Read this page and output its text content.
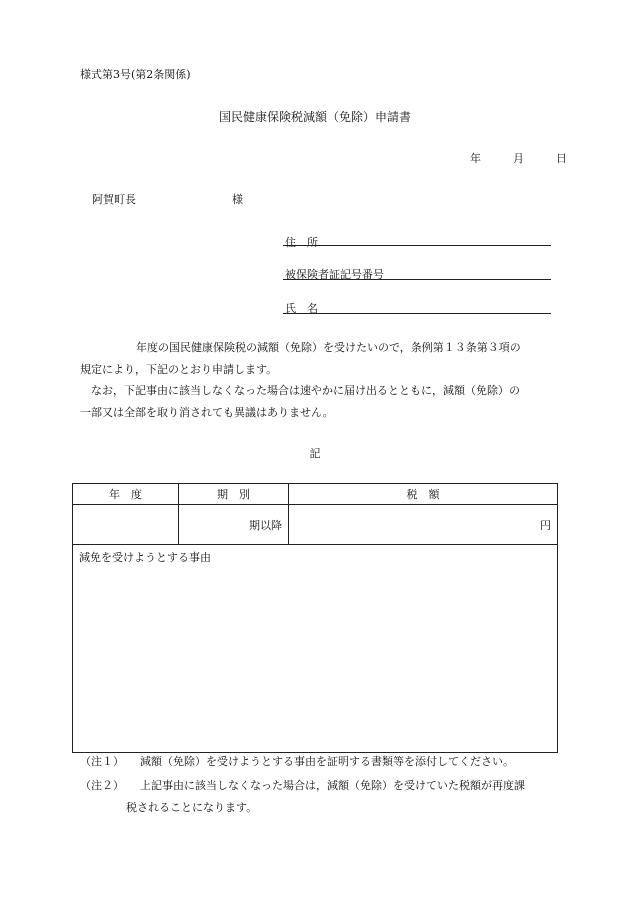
様式第3号(第2条関係)
国民健康保険税減額（免除）申請書
年	月	日
阿賀町長	様
住　所
被保険者証記号番号
氏　名
年度の国民健康保険税の減額（免除）を受けたいので，条例第１３条第３項の
規定により，下記のとおり申請します。
なお，下記事由に該当しなくなった場合は速やかに届け出るとともに，減額（免除）の
一部又は全部を取り消されても異議はありません。
記
年　度	期　別	税　額
	期以降	円
減免を受けようとする事由		
（注１） 減額（免除）を受けようとする事由を証明する書類等を添付してください。
（注２） 上記事由に該当しなくなった場合は，減額（免除）を受けていた税額が再度課
税されることになります。
